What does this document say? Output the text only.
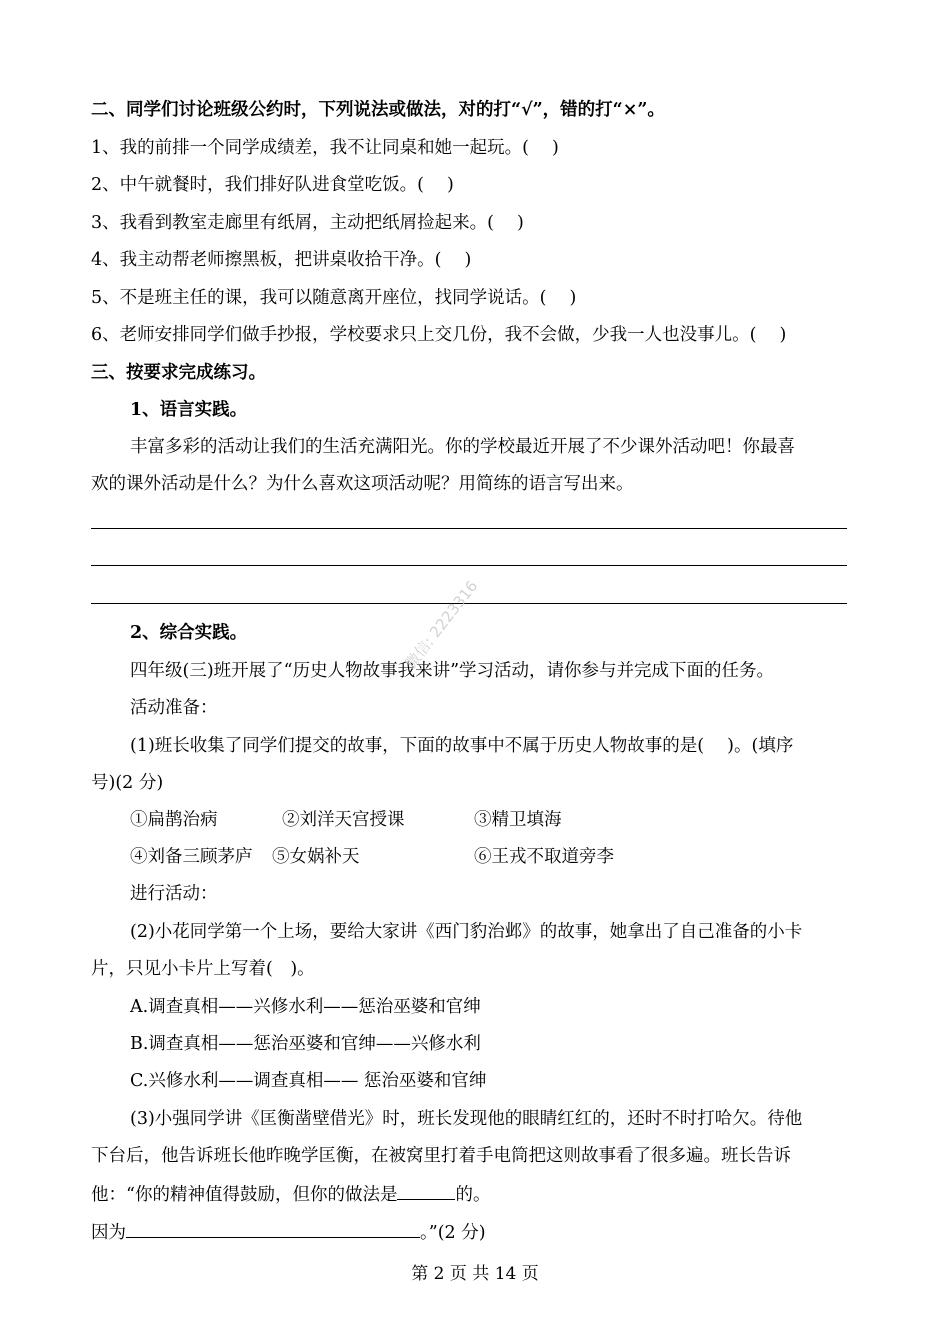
二、同学们讨论班级公约时，下列说法或做法，对的打“√”，错的打“×”。
1、我的前排一个同学成绩差，我不让同桌和她一起玩。(　 )
2、中午就餐时，我们排好队进食堂吃饭。(　 )
3、我看到教室走廊里有纸屑，主动把纸屑捡起来。(　 )
4、我主动帮老师擦黑板，把讲桌收拾干净。(　 )
5、不是班主任的课，我可以随意离开座位，找同学说话。(　 )
6、老师安排同学们做手抄报，学校要求只上交几份，我不会做，少我一人也没事儿。(　 )
三、按要求完成练习。
1、语言实践。
丰富多彩的活动让我们的生活充满阳光。你的学校最近开展了不少课外活动吧！你最喜
欢的课外活动是什么？为什么喜欢这项活动呢？用简练的语言写出来。
2、综合实践。
四年级(三)班开展了“历史人物故事我来讲”学习活动，请你参与并完成下面的任务。
活动准备：
(1)班长收集了同学们提交的故事，下面的故事中不属于历史人物故事的是(　 )。(填序
号)(2 分)
①扁鹊治病	②刘洋天宫授课	③精卫填海
④刘备三顾茅庐 ⑤女娲补天	⑥王戎不取道旁李
进行活动：
(2)小花同学第一个上场，要给大家讲《西门豹治邺》的故事，她拿出了自己准备的小卡
片，只见小卡片上写着(　)。
A.调查真相——兴修水利——惩治巫婆和官绅
B.调查真相——惩治巫婆和官绅——兴修水利
C.兴修水利——调查真相—— 惩治巫婆和官绅
(3)小强同学讲《匡衡凿壁借光》时，班长发现他的眼睛红红的，还时不时打哈欠。待他
下台后，他告诉班长他昨晚学匡衡，在被窝里打着手电筒把这则故事看了很多遍。班长告诉
他：“你的精神值得鼓励，但你的做法是	的。
因为	。”(2 分)
微信: 2223316
第 2 页 共 14 页
